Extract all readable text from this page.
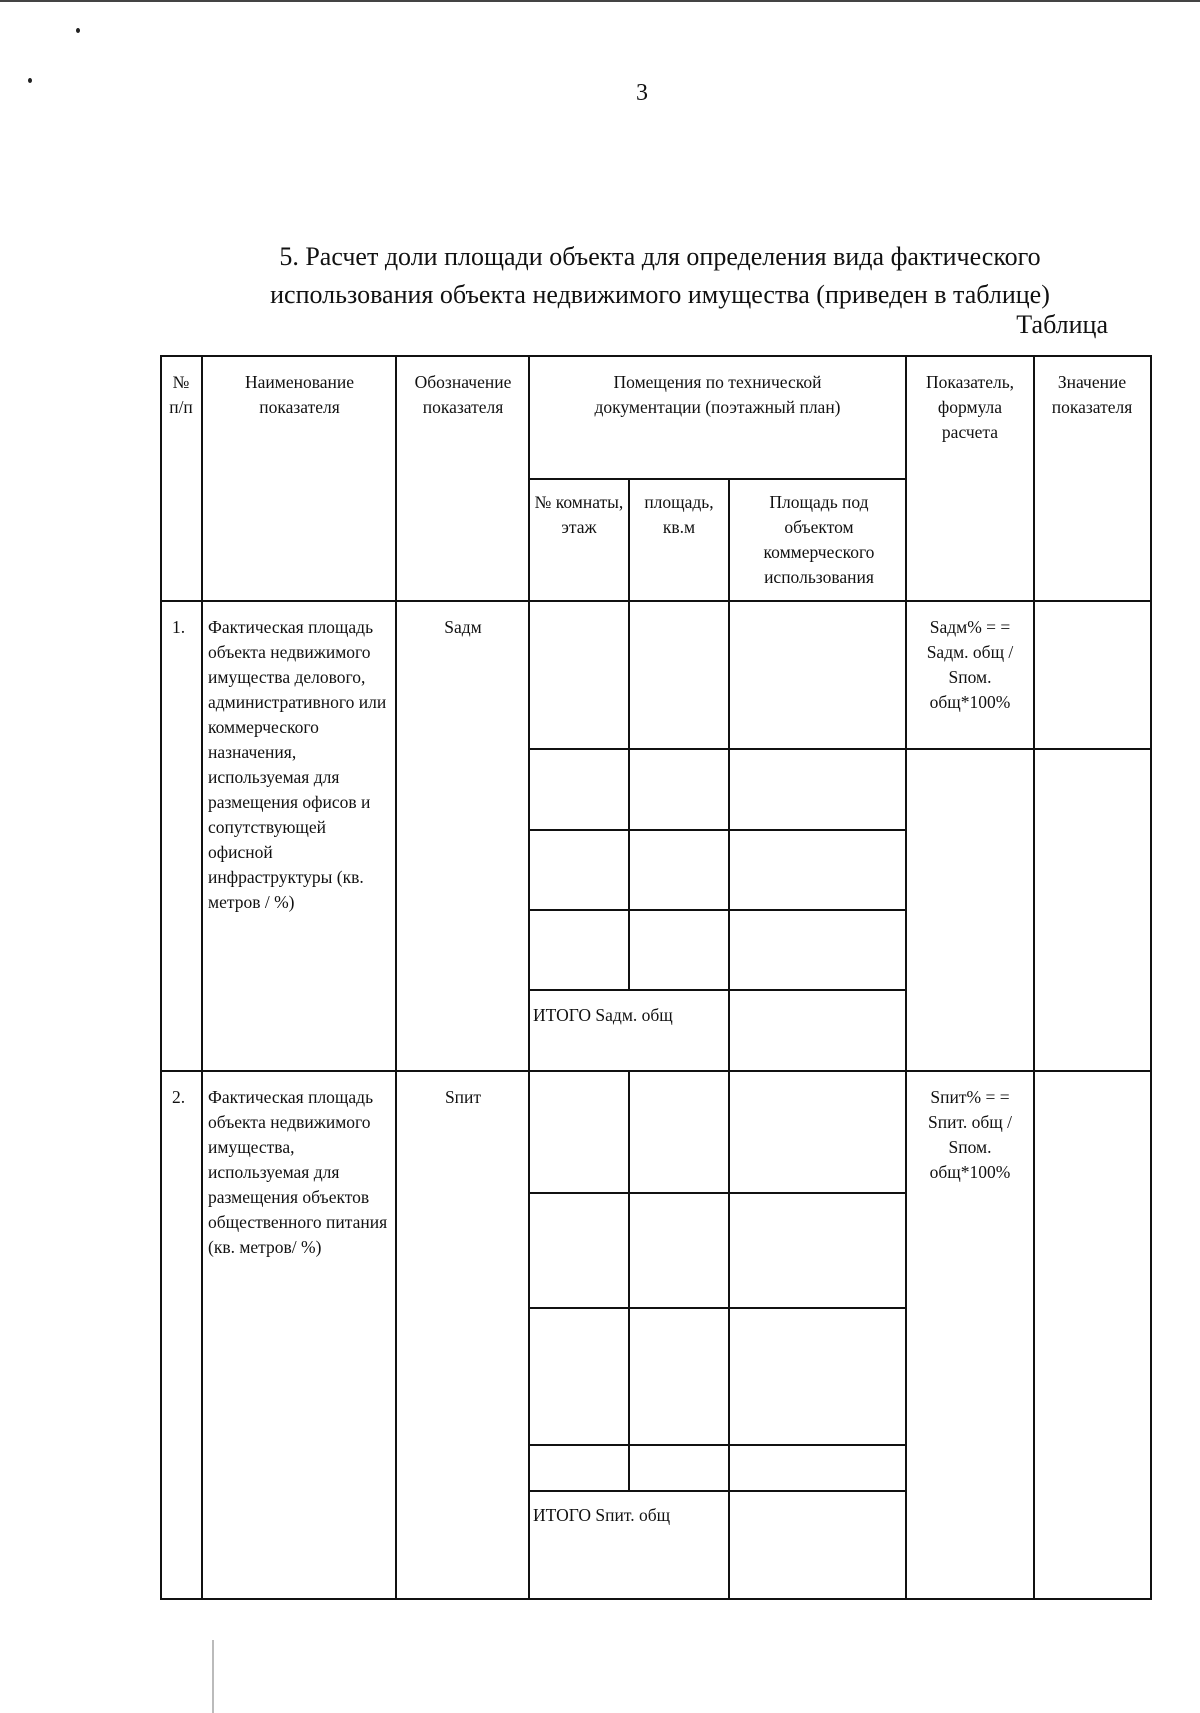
3
5. Расчет доли площади объекта для определения вида фактического
использования объекта недвижимого имущества (приведен в таблице)
Таблица
№ п/п
Наименование показателя
Обозначение показателя
Помещения по технической документации (поэтажный план)
№ комнаты, этаж
площадь, кв.м
Площадь под объектом коммерческого использования
Показатель, формула расчета
Значение показателя
1. Фактическая площадь объекта недвижимого имущества делового, административного или коммерческого назначения, используемая для размещения офисов и сопутствующей офисной инфраструктуры (кв. метров / %)
Sадм	Sадм% = = Sадм. общ / Sпом. общ*100%
ИТОГО Sадм. общ
2. Фактическая площадь объекта недвижимого имущества, используемая для размещения объектов общественного питания (кв. метров/ %)
Sпит	Sпит% = = Sпит. общ / Sпом. общ*100%
ИТОГО Sпит. общ
